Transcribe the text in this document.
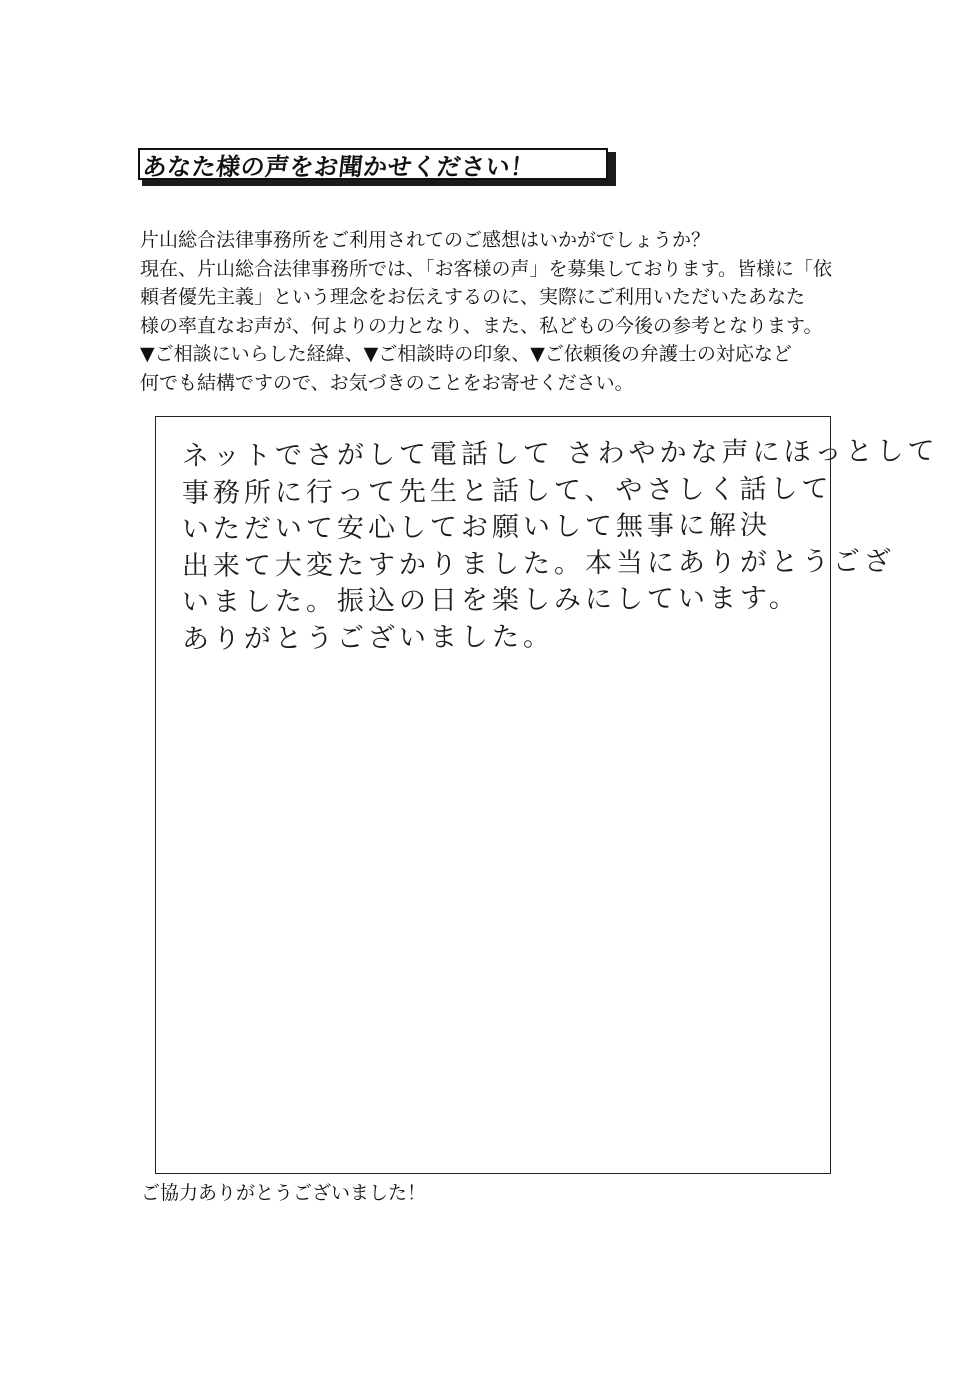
あなた様の声をお聞かせください！
片山総合法律事務所をご利用されてのご感想はいかがでしょうか？
現在、片山総合法律事務所では、「お客様の声」を募集しております。皆様に「依
頼者優先主義」という理念をお伝えするのに、実際にご利用いただいたあなた
様の率直なお声が、何よりの力となり、また、私どもの今後の参考となります。
▼ご相談にいらした経緯、▼ご相談時の印象、▼ご依頼後の弁護士の対応など
何でも結構ですので、お気づきのことをお寄せください。
ネットでさがして電話して さわやかな声にほっとして
事務所に行って先生と話して、やさしく話して
いただいて安心してお願いして無事に解決
出来て大変たすかりました。本当にありがとうござ
いました。振込の日を楽しみにしています。
ありがとうございました。
ご協力ありがとうございました！
